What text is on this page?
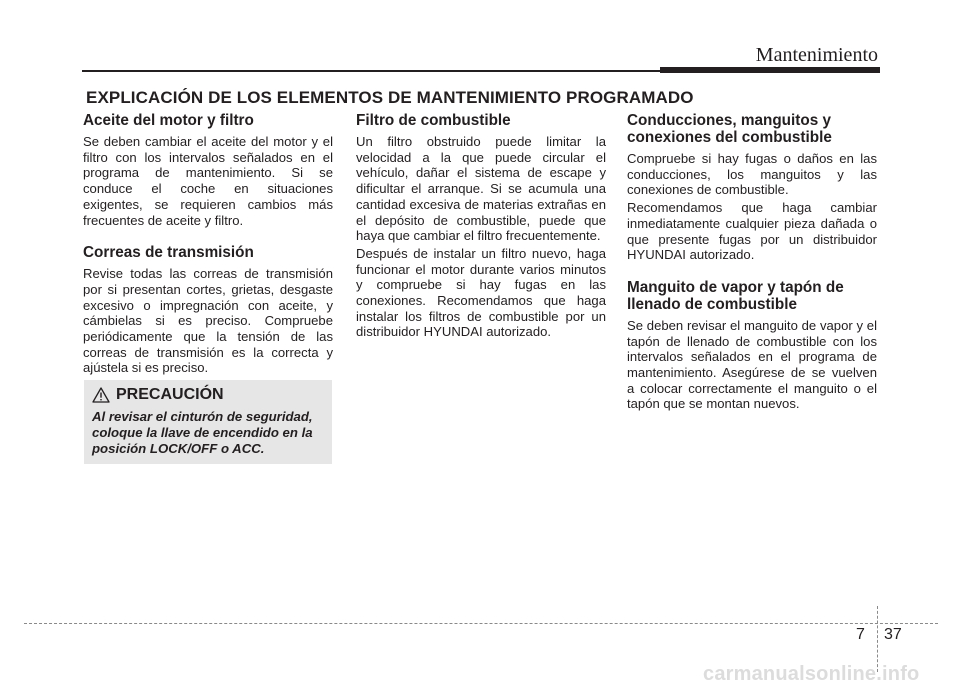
Mantenimiento
EXPLICACIÓN DE LOS ELEMENTOS DE MANTENIMIENTO PROGRAMADO
Aceite del motor y filtro

Se deben cambiar el aceite del motor y el filtro con los intervalos señalados en el programa de mantenimiento. Si se conduce el coche en situaciones exigentes, se requieren cambios más frecuentes de aceite y filtro.

Correas de transmisión

Revise todas las correas de transmisión por si presentan cortes, grietas, desgaste excesivo o impregnación con aceite, y cámbielas si es preciso. Compruebe periódicamente que la tensión de las correas de transmisión es la correcta y ajústela si es preciso.

PRECAUCIÓN
Al revisar el cinturón de seguridad, coloque la llave de encendido en la posición LOCK/OFF o ACC.
Filtro de combustible

Un filtro obstruido puede limitar la velocidad a la que puede circular el vehículo, dañar el sistema de escape y dificultar el arranque. Si se acumula una cantidad excesiva de materias extrañas en el depósito de combustible, puede que haya que cambiar el filtro frecuentemente.

Después de instalar un filtro nuevo, haga funcionar el motor durante varios minutos y compruebe si hay fugas en las conexiones. Recomendamos que haga instalar los filtros de combustible por un distribuidor HYUNDAI autorizado.

Conducciones, manguitos y conexiones del combustible

Compruebe si hay fugas o daños en las conducciones, los manguitos y las conexiones de combustible.

Recomendamos que haga cambiar inmediatamente cualquier pieza dañada o que presente fugas por un distribuidor HYUNDAI autorizado.

Manguito de vapor y tapón de llenado de combustible

Se deben revisar el manguito de vapor y el tapón de llenado de combustible con los intervalos señalados en el programa de mantenimiento. Asegúrese de se vuelven a colocar correctamente el manguito o el tapón que se montan nuevos.

7 37
carmanualsonline.info
